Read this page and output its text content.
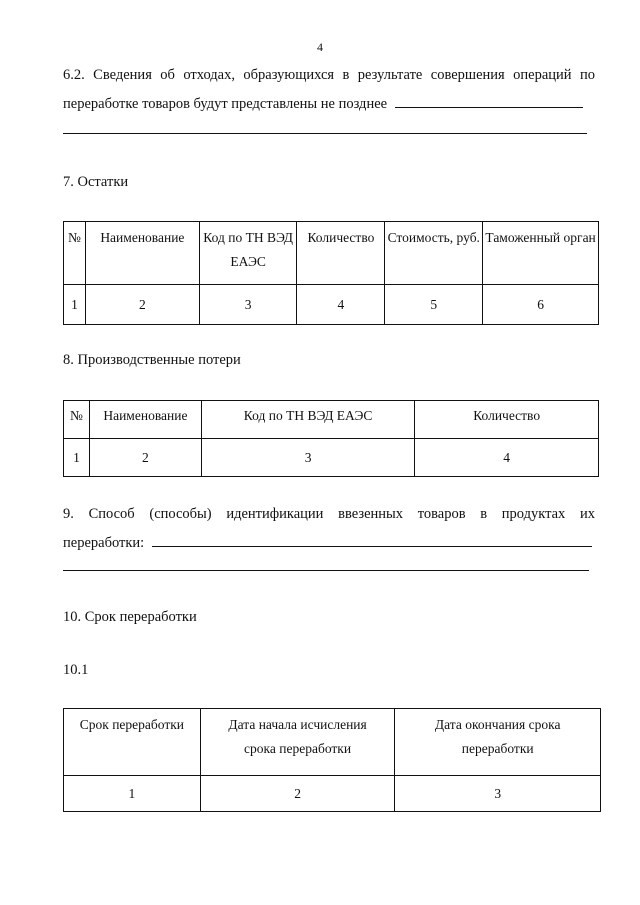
4
6.2. Сведения об отходах, образующихся в результате совершения операций по
переработке товаров будут представлены не позднее
7. Остатки
№	Наименование	Код по ТН ВЭД ЕАЭС	Количество	Стоимость, руб.	Таможенный орган
1	2	3	4	5	6
8. Производственные потери
№	Наименование	Код по ТН ВЭД ЕАЭС	Количество
1	2	3	4
9. Способ (способы) идентификации ввезенных товаров в продуктах их
переработки:
10. Срок переработки
10.1
Срок переработки	Дата начала исчисления срока переработки	Дата окончания срока переработки
1	2	3
